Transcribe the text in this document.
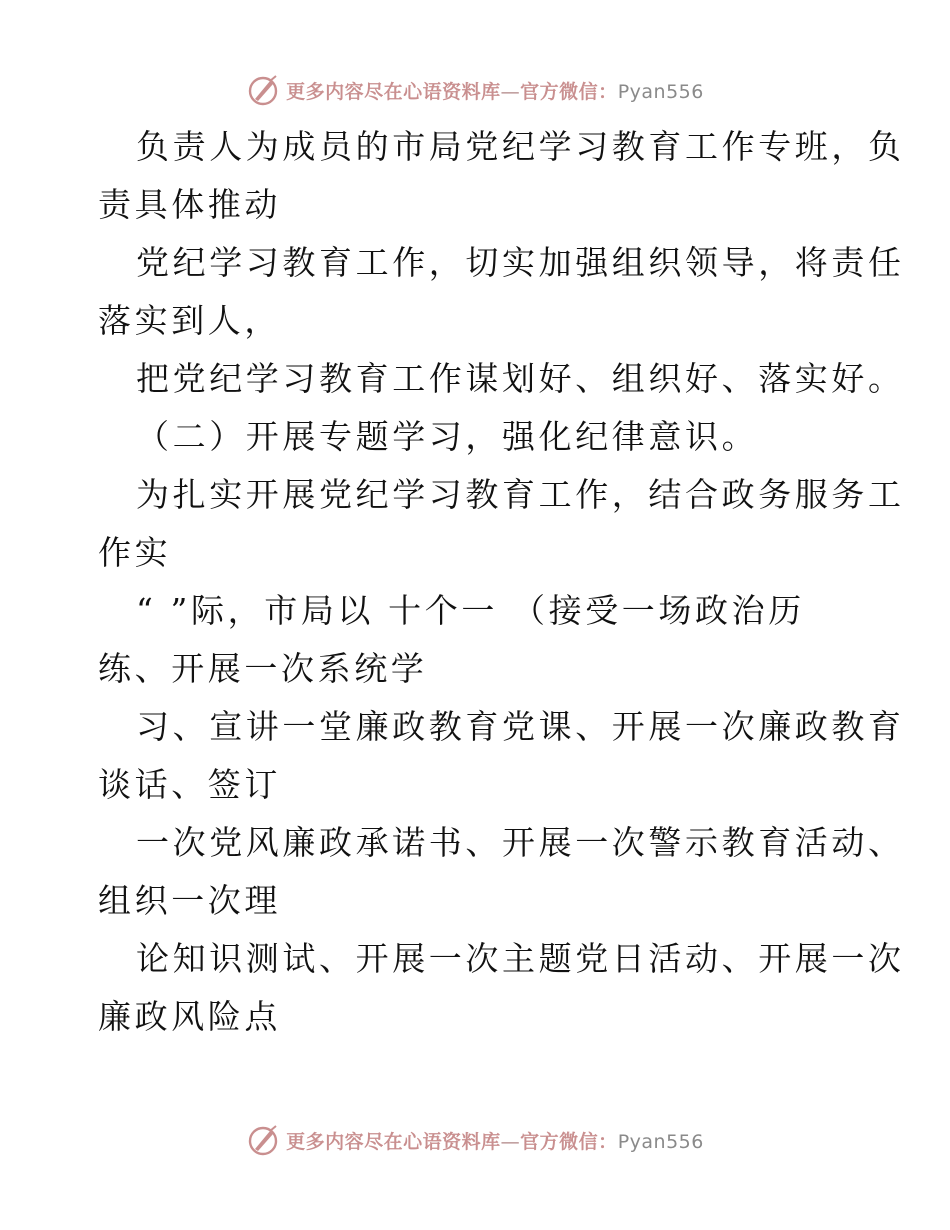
更多内容尽在心语资料库—官方微信：Pyan556

负责人为成员的市局党纪学习教育工作专班，负

责具体推动

党纪学习教育工作，切实加强组织领导，将责任

落实到人，

把党纪学习教育工作谋划好、组织好、落实好。

（二）开展专题学习，强化纪律意识。

为扎实开展党纪学习教育工作，结合政务服务工

作实

“ ”际，市局以 十个一 （接受一场政治历

练、开展一次系统学

习、宣讲一堂廉政教育党课、开展一次廉政教育

谈话、签订

一次党风廉政承诺书、开展一次警示教育活动、

组织一次理

论知识测试、开展一次主题党日活动、开展一次

廉政风险点

更多内容尽在心语资料库—官方微信：Pyan556
